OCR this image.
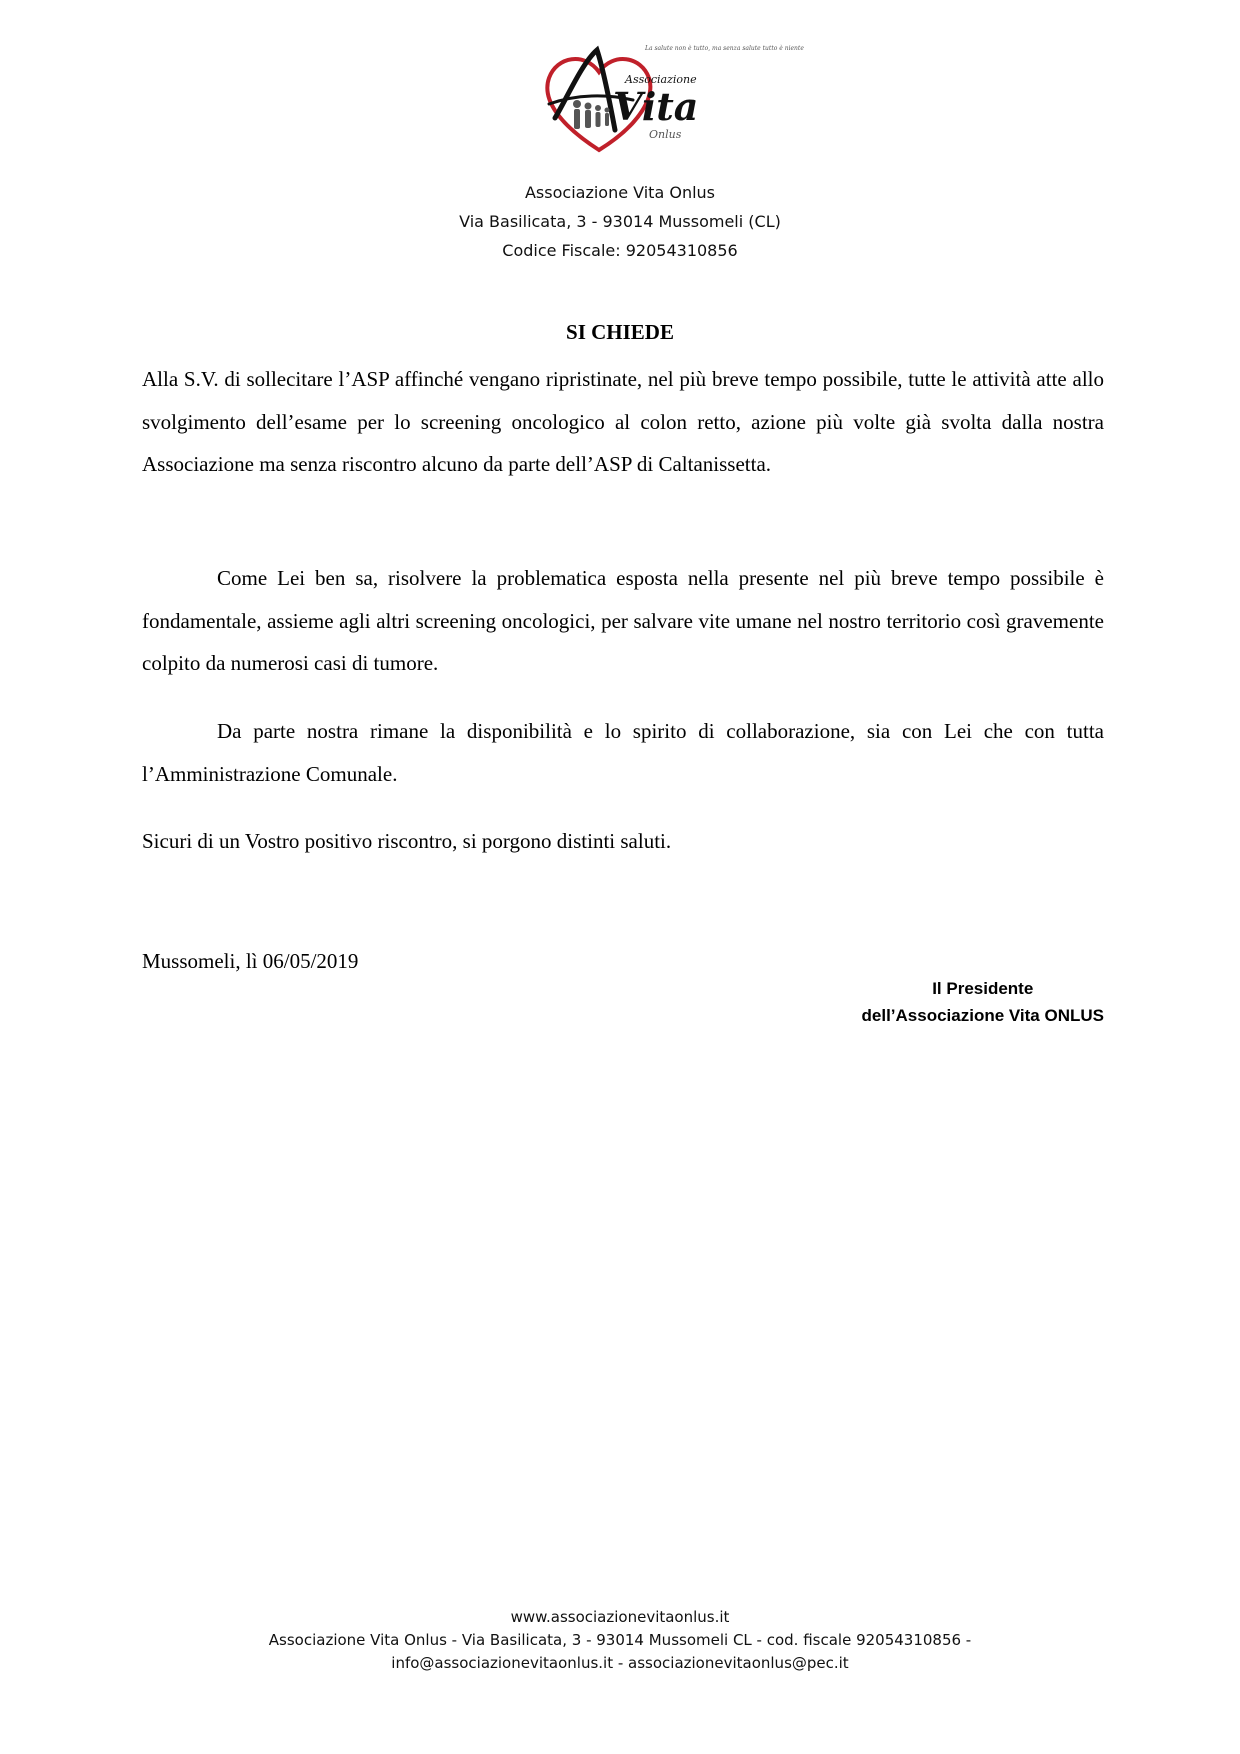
La salute non è tutto, ma senza salute tutto è niente
Associazione
Vita
Onlus
Associazione Vita Onlus
Via Basilicata, 3 - 93014 Mussomeli (CL)
Codice Fiscale: 92054310856
SI CHIEDE
Alla S.V. di sollecitare l’ASP affinché vengano ripristinate, nel più breve tempo possibile, tutte le attività atte allo svolgimento dell’esame per lo screening oncologico al colon retto, azione più volte già svolta dalla nostra Associazione ma senza riscontro alcuno da parte dell’ASP di Caltanissetta.
Come Lei ben sa, risolvere la problematica esposta nella presente nel più breve tempo possibile è fondamentale, assieme agli altri screening oncologici, per salvare vite umane nel nostro territorio così gravemente colpito da numerosi casi di tumore.
Da parte nostra rimane la disponibilità e lo spirito di collaborazione, sia con Lei che con tutta l’Amministrazione Comunale.
Sicuri di un Vostro positivo riscontro, si porgono distinti saluti.
Mussomeli, lì 06/05/2019
Il Presidente
dell’Associazione Vita ONLUS
www.associazionevitaonlus.it
Associazione Vita Onlus - Via Basilicata, 3 - 93014 Mussomeli CL - cod. fiscale 92054310856 -
info@associazionevitaonlus.it - associazionevitaonlus@pec.it
